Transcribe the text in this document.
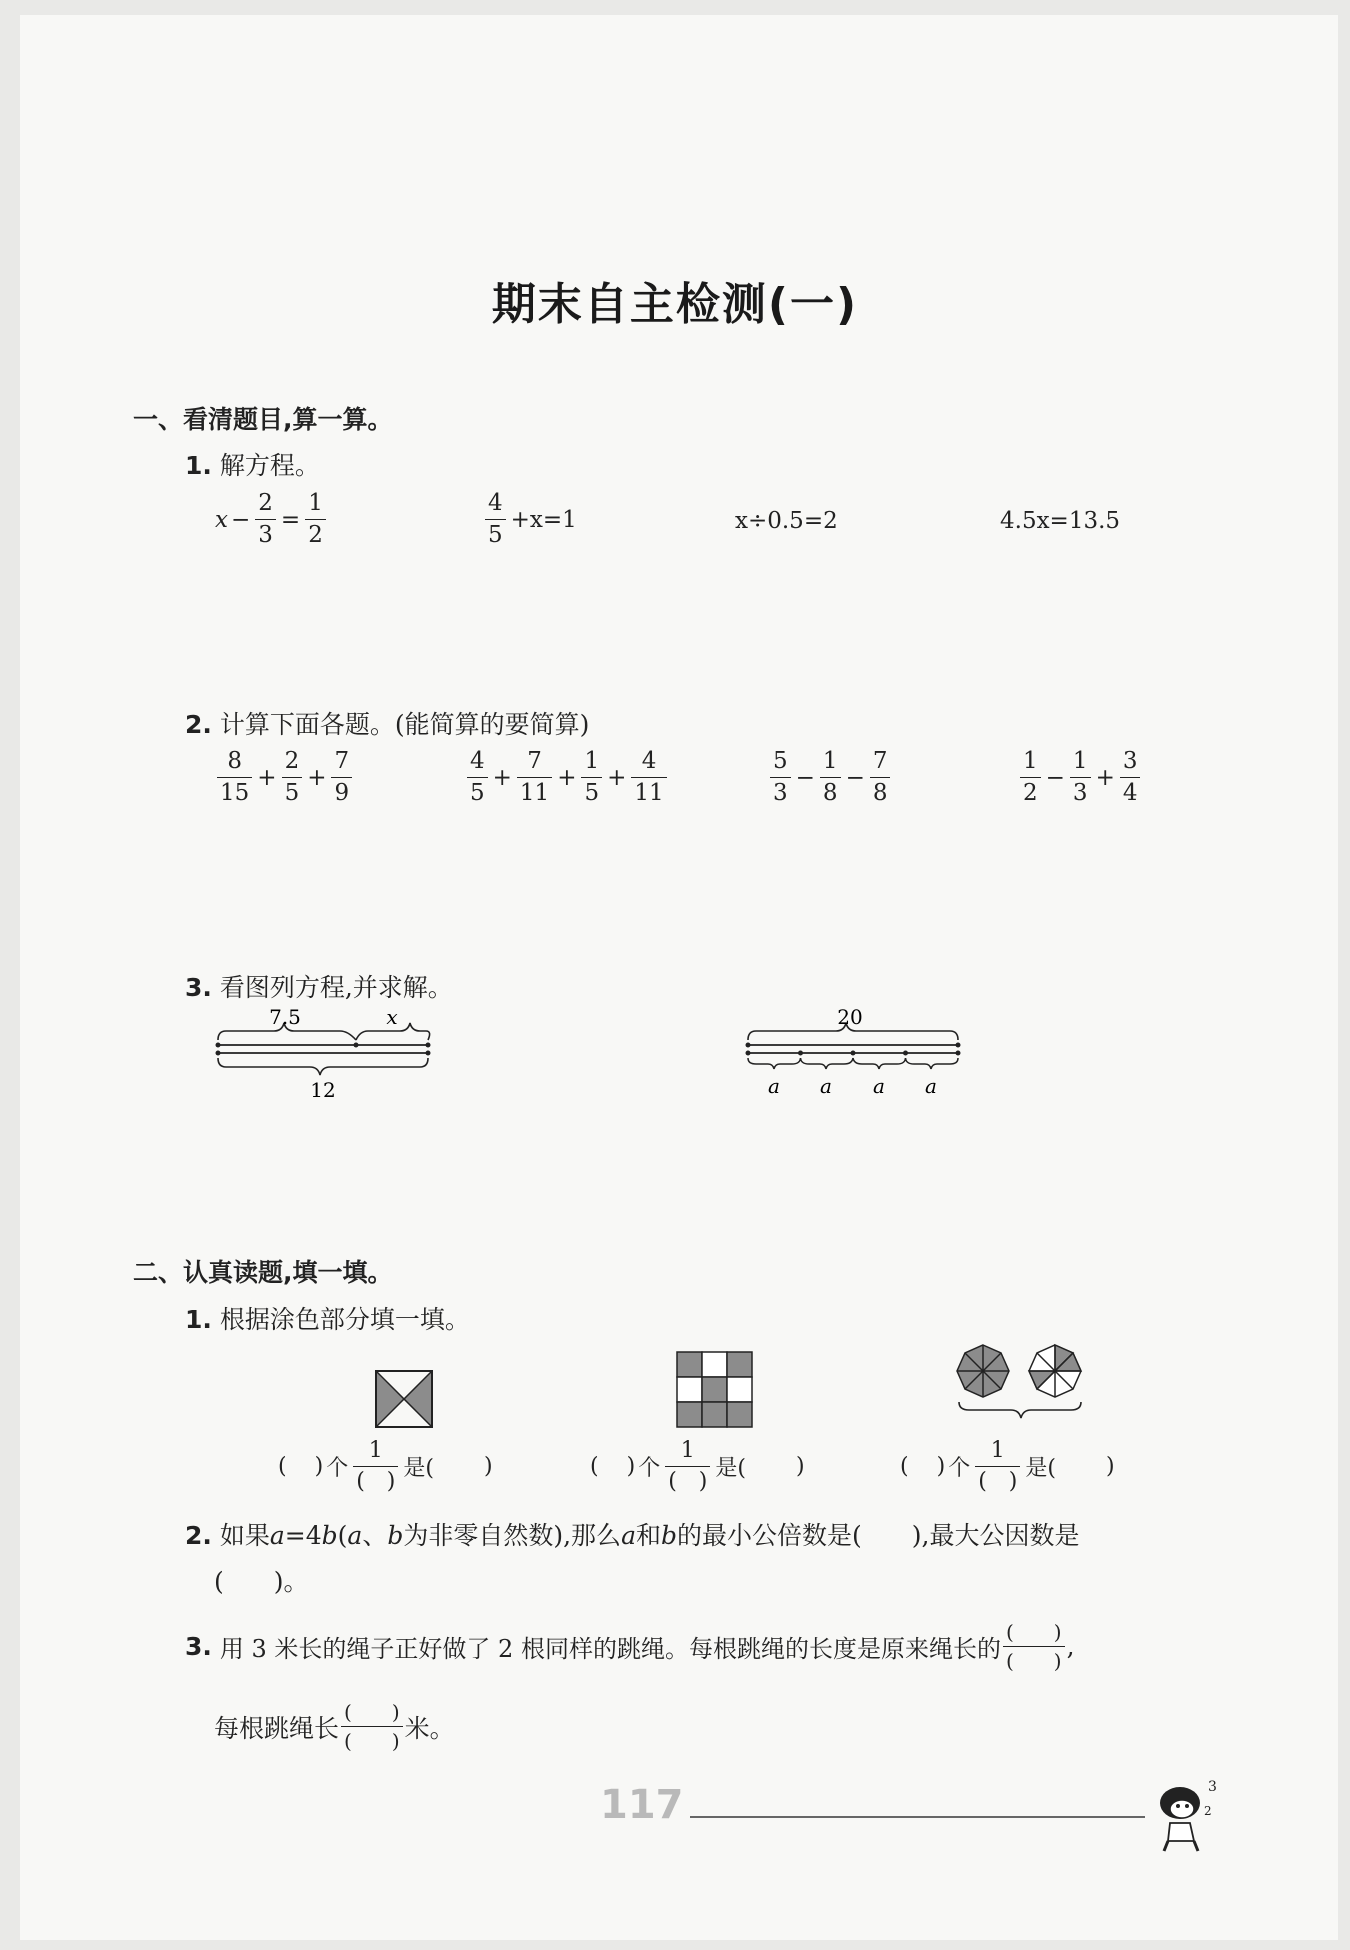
期末自主检测(一)
一、看清题目,算一算。
1. 解方程。
$x - \frac{2}{3} = \frac{1}{2}$	$\frac{4}{5} +x=1$	x÷0.5=2	4.5x=13.5
2. 计算下面各题。(能简算的要简算)
$\frac{8}{15} + \frac{2}{5} + \frac{7}{9}$	$\frac{4}{5} + \frac{7}{11} + \frac{1}{5} + \frac{4}{11}$	$\frac{5}{3} - \frac{1}{8} - \frac{7}{8}$	$\frac{1}{2} - \frac{1}{3} + \frac{3}{4}$
3. 看图列方程,并求解。
7.5	x
12
20
a a a a
二、认真读题,填一填。
1. 根据涂色部分填一填。
( ) 个 $\frac{1}{( )}$ 是( )	( ) 个 $\frac{1}{( )}$ 是( )	( ) 个 $\frac{1}{( )}$ 是( )
2. 如果a=4b(a、b为非零自然数),那么a和b的最小公倍数是(　　),最大公因数是
(　　)。
3. 用 3 米长的绳子正好做了 2 根同样的跳绳。每根跳绳的长度是原来绳长的 $\frac{( )}{( )}$ ,
每根跳绳长 $\frac{( )}{( )}$ 米。
117	3
2
